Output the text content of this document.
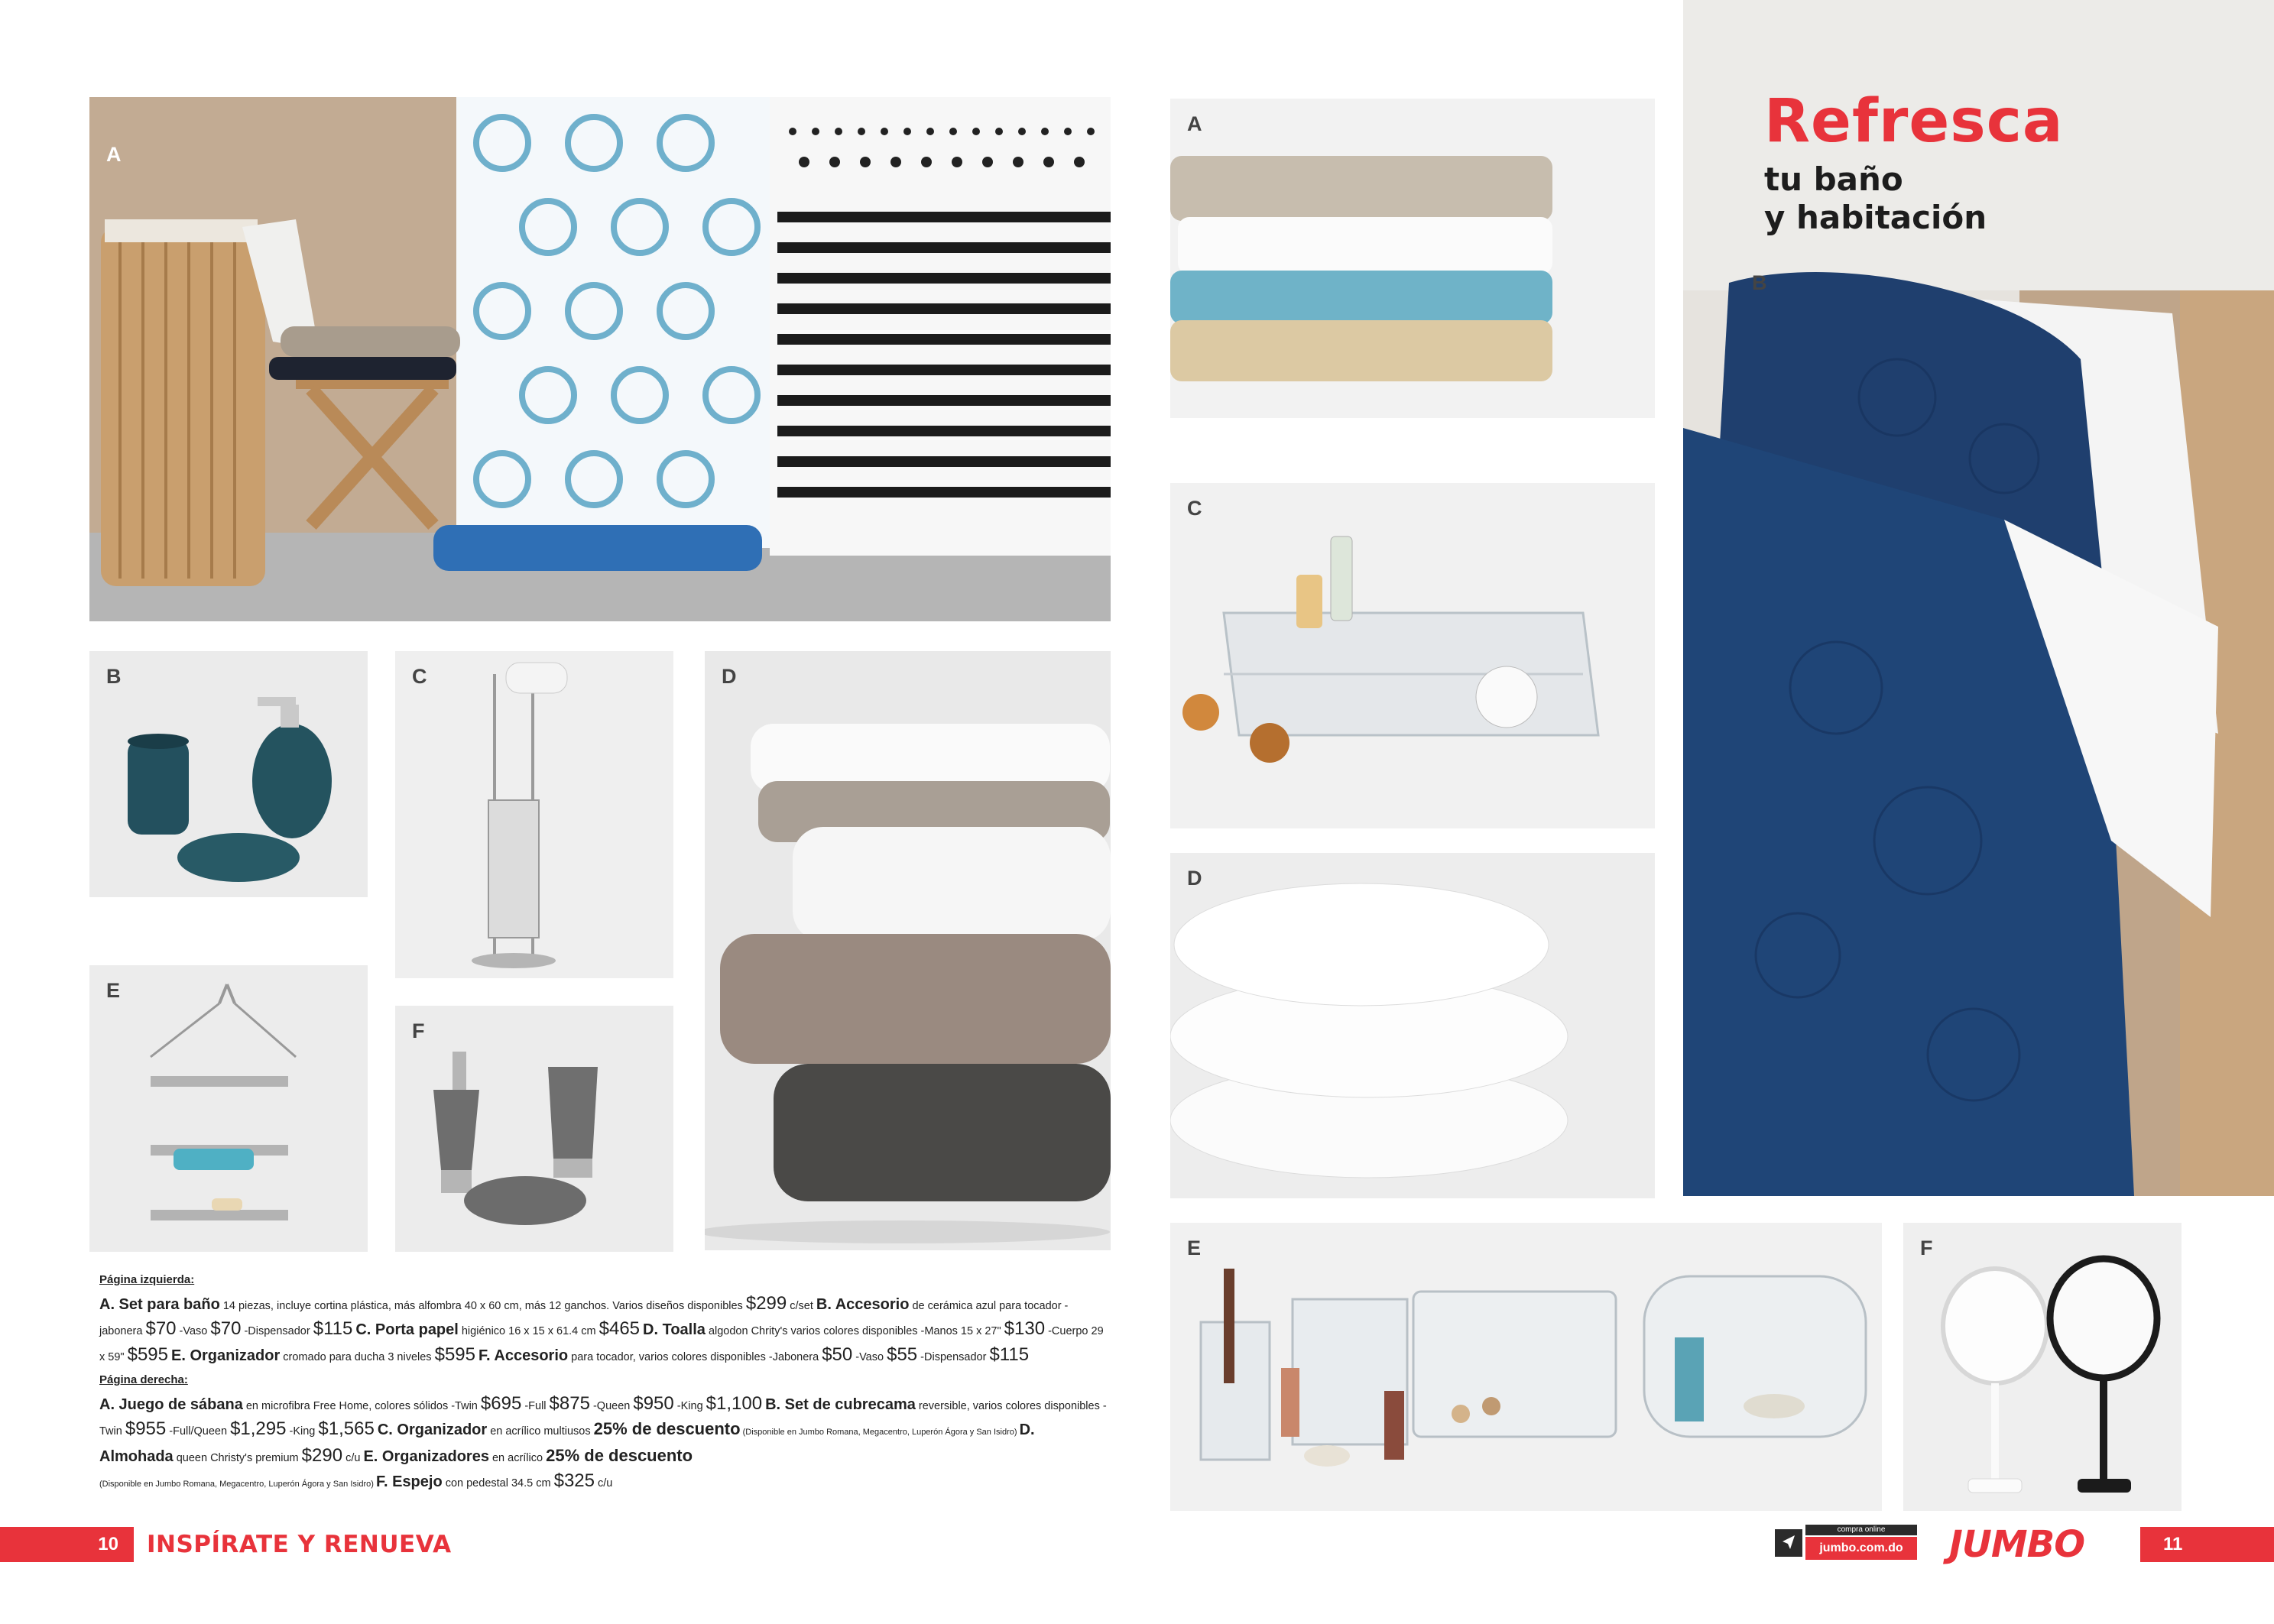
A
B	C	D
E
F
Página izquierda:
A. Set para baño 14 piezas, incluye cortina plástica, más alfombra 40 x 60 cm, más 12 ganchos. Varios diseños disponibles $299 c/set B. Accesorio de cerámica azul para tocador -jabonera $70 -Vaso $70 -Dispensador $115 C. Porta papel higiénico 16 x 15 x 61.4 cm $465 D. Toalla algodon Chrity's varios colores disponibles -Manos 15 x 27" $130 -Cuerpo 29 x 59" $595 E. Organizador cromado para ducha 3 niveles $595 F. Accesorio para tocador, varios colores disponibles -Jabonera $50 -Vaso $55 -Dispensador $115
Página derecha:
A. Juego de sábana en microfibra Free Home, colores sólidos -Twin $695 -Full $875 -Queen $950 -King $1,100 B. Set de cubrecama reversible, varios colores disponibles -Twin $955 -Full/Queen $1,295 -King $1,565 C. Organizador en acrílico multiusos 25% de descuento (Disponible en Jumbo Romana, Megacentro, Luperón Ágora y San Isidro) D. Almohada queen Christy's premium $290 c/u E. Organizadores en acrílico 25% de descuento
(Disponible en Jumbo Romana, Megacentro, Luperón Ágora y San Isidro) F. Espejo con pedestal 34.5 cm $325 c/u
A
C
D
B
Refresca
tu baño
y habitación
E	F
10	INSPÍRATE Y RENUEVA
compra online
jumbo.com.do	JUMBO	11
